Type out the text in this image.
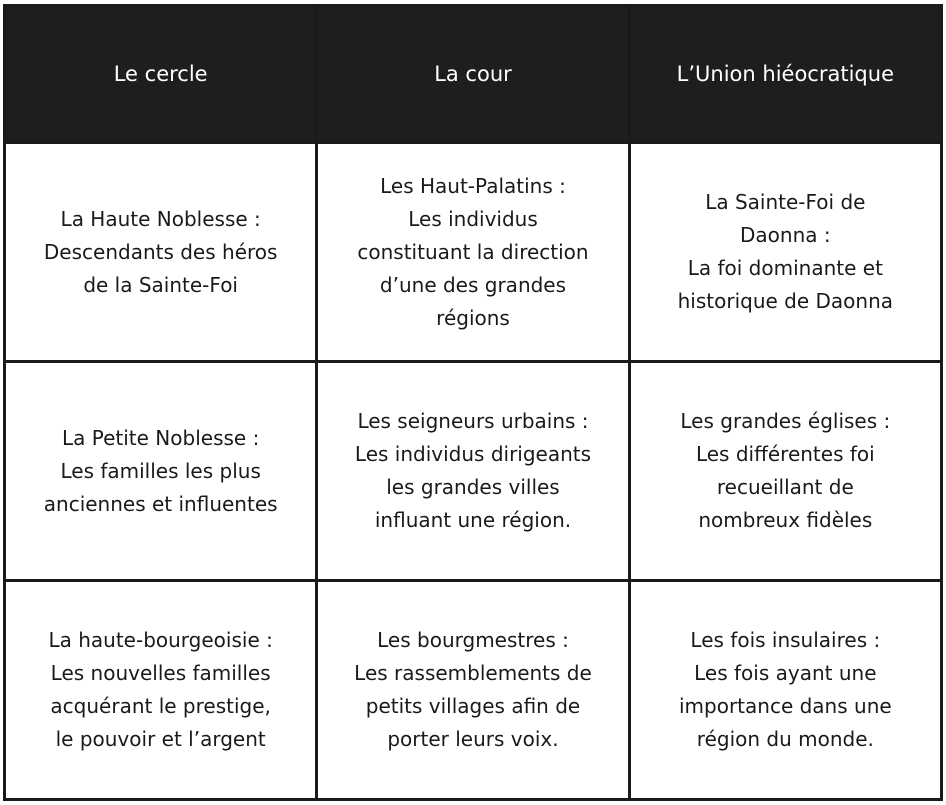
Le cercle	La cour	L’Union hiéocratique

La Haute Noblesse :
Descendants des héros
de la Sainte-Foi	Les Haut-Palatins :
Les individus
constituant la direction
d’une des grandes
régions	La Sainte-Foi de
Daonna :
La foi dominante et
historique de Daonna

La Petite Noblesse :
Les familles les plus
anciennes et influentes	Les seigneurs urbains :
Les individus dirigeants
les grandes villes
influant une région.	Les grandes églises :
Les différentes foi
recueillant de
nombreux fidèles

La haute-bourgeoisie :
Les nouvelles familles
acquérant le prestige,
le pouvoir et l’argent	Les bourgmestres :
Les rassemblements de
petits villages afin de
porter leurs voix.	Les fois insulaires :
Les fois ayant une
importance dans une
région du monde.
